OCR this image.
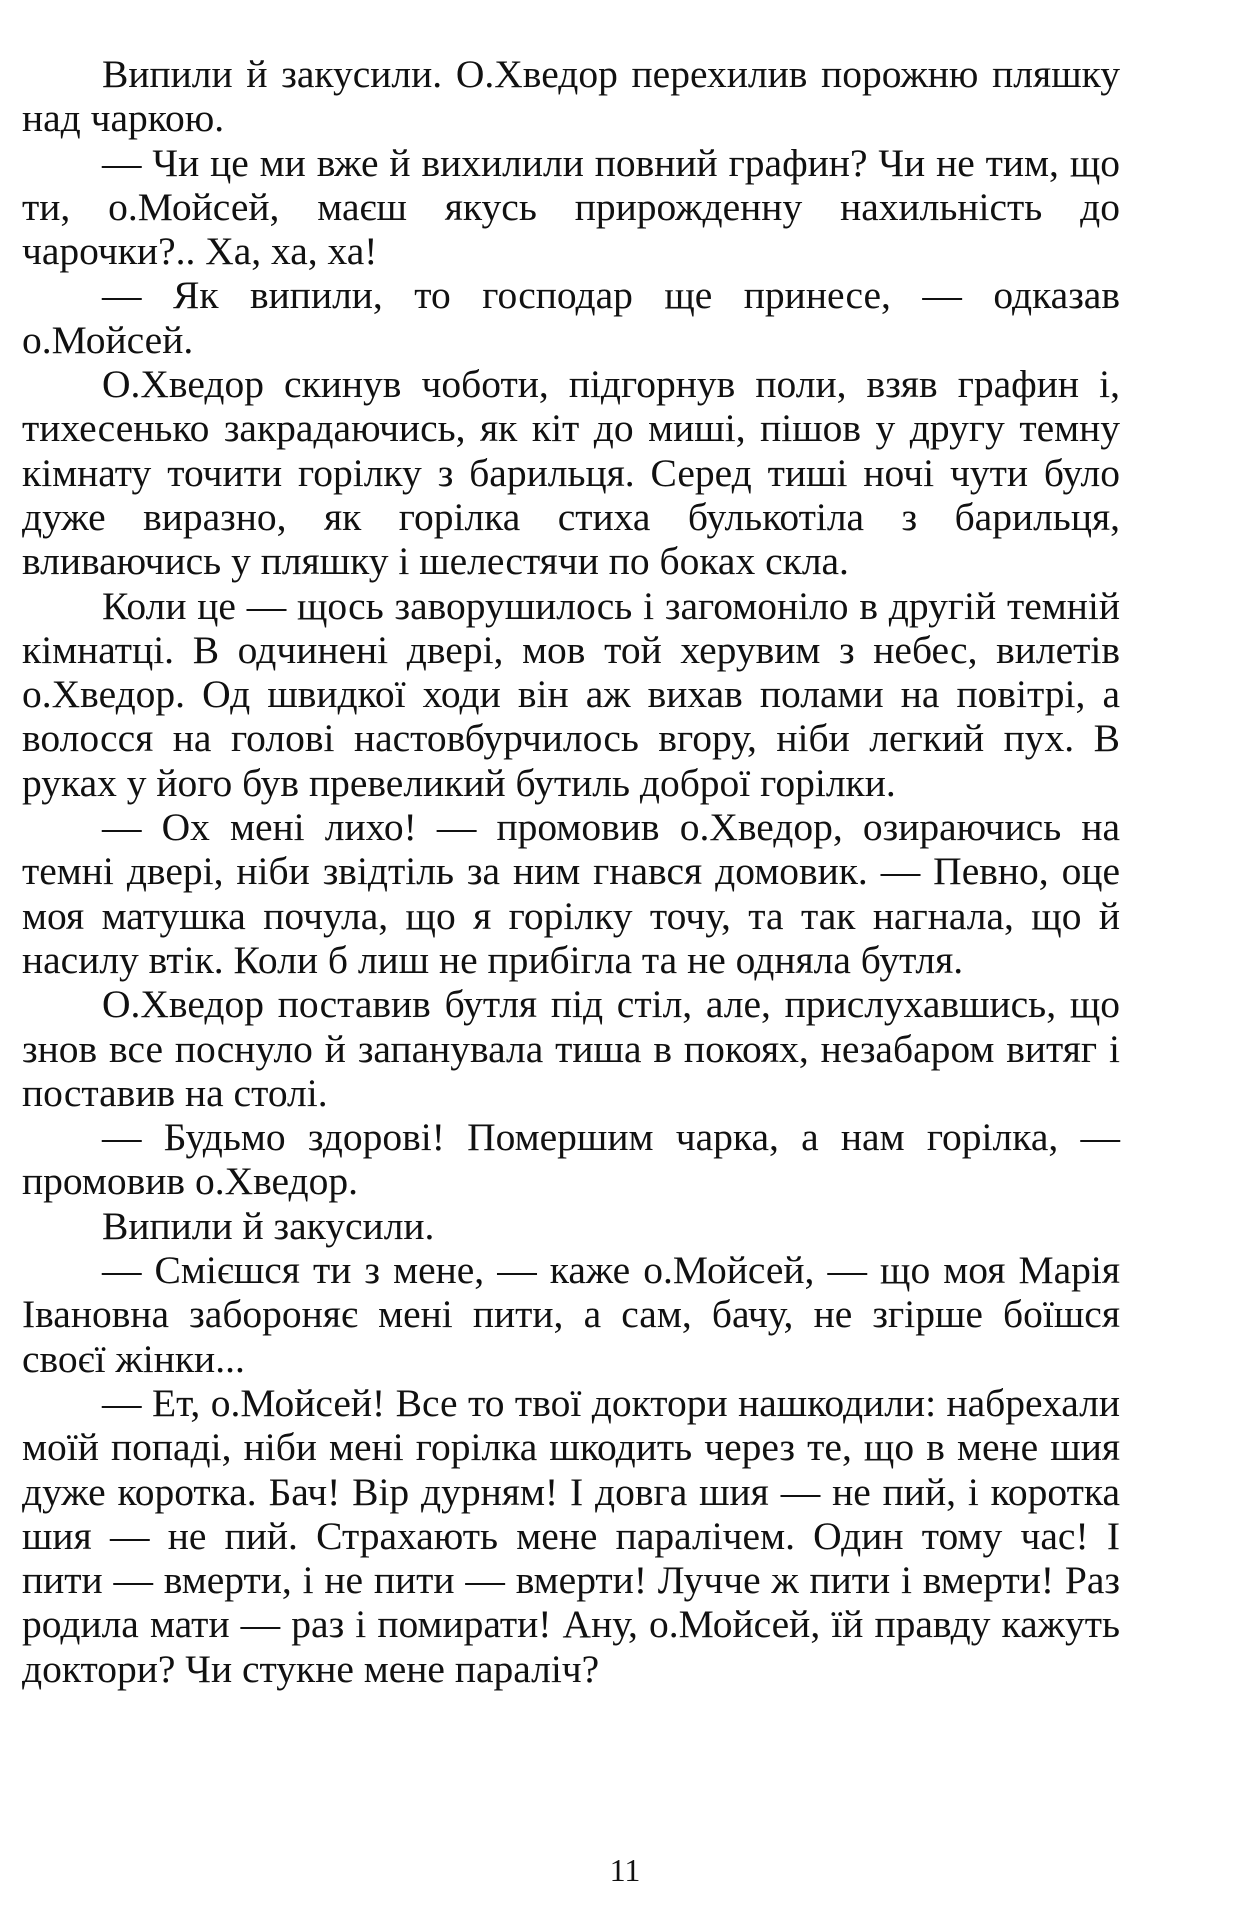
Випили й закусили. О.Хведор перехилив порожню пляшку над чаркою.

— Чи це ми вже й вихилили повний графин? Чи не тим, що ти, о.Мойсей, маєш якусь прирожденну нахильність до чарочки?.. Ха, ха, ха!

— Як випили, то господар ще принесе, — одказав о.Мойсей.

О.Хведор скинув чоботи, підгорнув поли, взяв графин і, тихесенько закрадаючись, як кіт до миші, пішов у другу темну кімнату точити горілку з барильця. Серед тиші ночі чути було дуже виразно, як горілка стиха булькотіла з барильця, вливаючись у пляшку і шелестячи по боках скла.

Коли це — щось заворушилось і загомоніло в другій темній кімнатці. В одчинені двері, мов той херувим з небес, вилетів о.Хведор. Од швидкої ходи він аж вихав полами на повітрі, а волосся на голові настовбурчилось вгору, ніби легкий пух. В руках у його був превеликий бутиль доброї горілки.

— Ох мені лихо! — промовив о.Хведор, озираючись на темні двері, ніби звідтіль за ним гнався домовик. — Певно, оце моя матушка почула, що я горілку точу, та так нагнала, що й насилу втік. Коли б лиш не прибігла та не одняла бутля.

О.Хведор поставив бутля під стіл, але, прислухавшись, що знов все поснуло й запанувала тиша в покоях, незабаром витяг і поставив на столі.

— Будьмо здорові! Помершим чарка, а нам горілка, — промовив о.Хведор.

Випили й закусили.

— Смієшся ти з мене, — каже о.Мойсей, — що моя Марія Івановна забороняє мені пити, а сам, бачу, не згірше боїшся своєї жінки...

— Ет, о.Мойсей! Все то твої доктори нашкодили: набрехали моїй попаді, ніби мені горілка шкодить через те, що в мене шия дуже коротка. Бач! Вір дурням! І довга шия — не пий, і коротка шия — не пий. Страхають мене паралічем. Один тому час! І пити — вмерти, і не пити — вмерти! Лучче ж пити і вмерти! Раз родила мати — раз і помирати! Ану, о.Мойсей, їй правду кажуть доктори? Чи стукне мене параліч?

11
